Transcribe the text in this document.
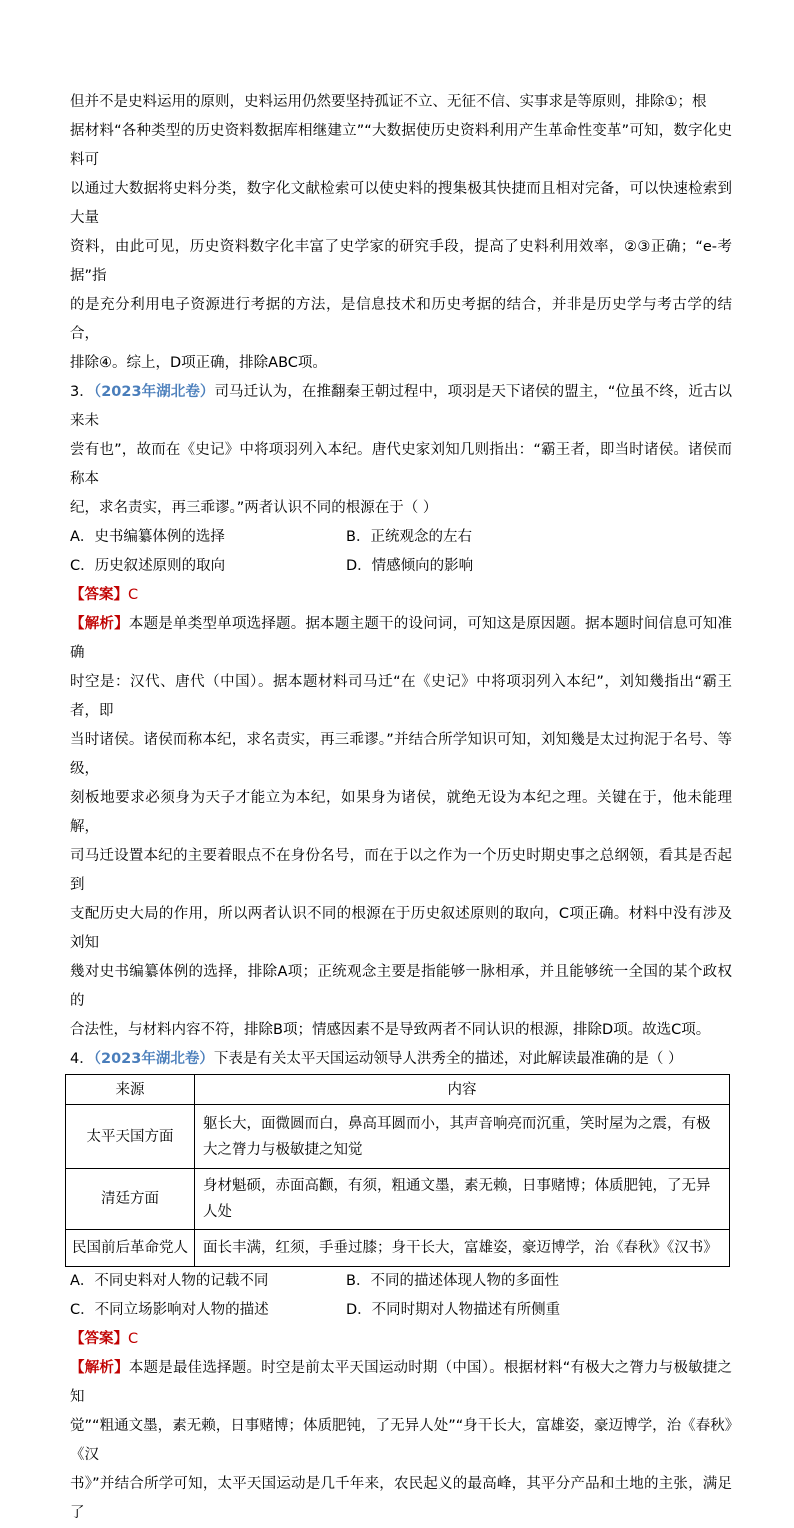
但并不是史料运用的原则，史料运用仍然要坚持孤证不立、无征不信、实事求是等原则，排除①；根

据材料“各种类型的历史资料数据库相继建立”“大数据使历史资料利用产生革命性变革”可知，数字化史料可

以通过大数据将史料分类，数字化文献检索可以使史料的搜集极其快捷而且相对完备，可以快速检索到大量

资料，由此可见，历史资料数字化丰富了史学家的研究手段，提高了史料利用效率，②③正确；“e-考据”指

的是充分利用电子资源进行考据的方法，是信息技术和历史考据的结合，并非是历史学与考古学的结合，

排除④。综上，D项正确，排除ABC项。

3．（2023年湖北卷）司马迁认为，在推翻秦王朝过程中，项羽是天下诸侯的盟主，“位虽不终，近古以来未

尝有也”，故而在《史记》中将项羽列入本纪。唐代史家刘知几则指出：“霸王者，即当时诸侯。诸侯而称本

纪，求名责实，再三乖谬。”两者认识不同的根源在于（ ）

A．史书编纂体例的选择	B．正统观念的左右
C．历史叙述原则的取向	D．情感倾向的影响

【答案】C

【解析】本题是单类型单项选择题。据本题主题干的设问词，可知这是原因题。据本题时间信息可知准确

时空是：汉代、唐代（中国）。据本题材料司马迁“在《史记》中将项羽列入本纪”，刘知幾指出“霸王者，即

当时诸侯。诸侯而称本纪，求名责实，再三乖谬。”并结合所学知识可知，刘知幾是太过拘泥于名号、等级，

刻板地要求必须身为天子才能立为本纪，如果身为诸侯，就绝无设为本纪之理。关键在于，他未能理解，

司马迁设置本纪的主要着眼点不在身份名号，而在于以之作为一个历史时期史事之总纲领，看其是否起到

支配历史大局的作用，所以两者认识不同的根源在于历史叙述原则的取向，C项正确。材料中没有涉及刘知

幾对史书编纂体例的选择，排除A项；正统观念主要是指能够一脉相承，并且能够统一全国的某个政权的

合法性，与材料内容不符，排除B项；情感因素不是导致两者不同认识的根源，排除D项。故选C项。

4．（2023年湖北卷）下表是有关太平天国运动领导人洪秀全的描述，对此解读最准确的是（ ）

来源	内容
太平天国方面	躯长大，面微圆而白，鼻高耳圆而小，其声音响亮而沉重，笑时屋为之震，有极大之膂力与极敏捷之知觉
清廷方面	身材魁硕，赤面高颧，有须，粗通文墨，素无赖，日事赌博；体质肥钝，了无异人处
民国前后革命党人	面长丰满，红须，手垂过膝；身干长大，富雄姿，豪迈博学，治《春秋》《汉书》
A．不同史料对人物的记载不同	B．不同的描述体现人物的多面性
C．不同立场影响对人物的描述	D．不同时期对人物描述有所侧重

【答案】C

【解析】本题是最佳选择题。时空是前太平天国运动时期（中国）。根据材料“有极大之膂力与极敏捷之知

觉”“粗通文墨，素无赖，日事赌博；体质肥钝，了无异人处”“身干长大，富雄姿，豪迈博学，治《春秋》《汉

书》”并结合所学可知，太平天国运动是几千年来，农民起义的最高峰，其平分产品和土地的主张，满足了
